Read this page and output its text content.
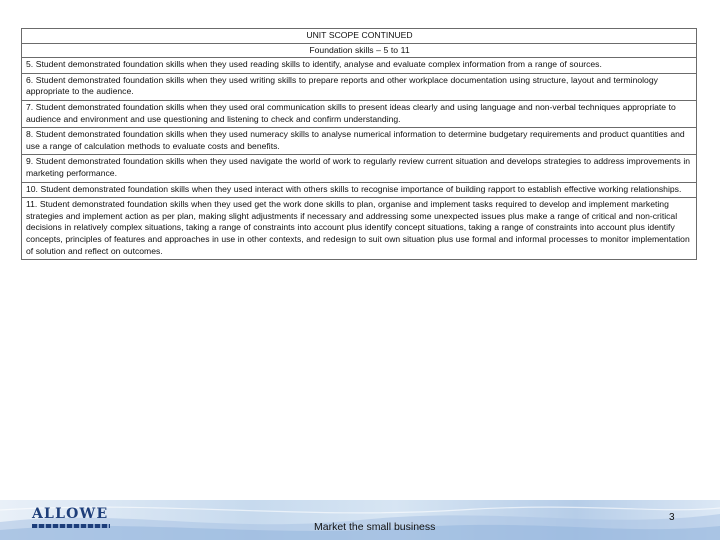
UNIT SCOPE CONTINUED
Foundation skills – 5 to 11
5. Student demonstrated foundation skills when they used reading skills to identify, analyse and evaluate complex information from a range of sources.
6. Student demonstrated foundation skills when they used writing skills to prepare reports and other workplace documentation using structure, layout and terminology appropriate to the audience.
7. Student demonstrated foundation skills when they used oral communication skills to present ideas clearly and using language and non-verbal techniques appropriate to audience and environment and use questioning and listening to check and confirm understanding.
8. Student demonstrated foundation skills when they used numeracy skills to analyse numerical information to determine budgetary requirements and product quantities and use a range of calculation methods to evaluate costs and benefits.
9. Student demonstrated foundation skills when they used navigate the world of work to regularly review current situation and develops strategies to address improvements in marketing performance.
10. Student demonstrated foundation skills when they used interact with others skills to recognise importance of building rapport to establish effective working relationships.
11. Student demonstrated foundation skills when they used get the work done skills to plan, organise and implement tasks required to develop and implement marketing strategies and implement action as per plan, making slight adjustments if necessary and addressing some unexpected issues plus make a range of critical and non-critical decisions in relatively complex situations, taking a range of constraints into account plus identify concept situations, taking a range of constraints into account plus identify concepts, principles of features and approaches in use in other contexts, and redesign to suit own situation plus use formal and informal processes to monitor implementation of solution and reflect on outcomes.
ALLOWE
Market the small business
3
